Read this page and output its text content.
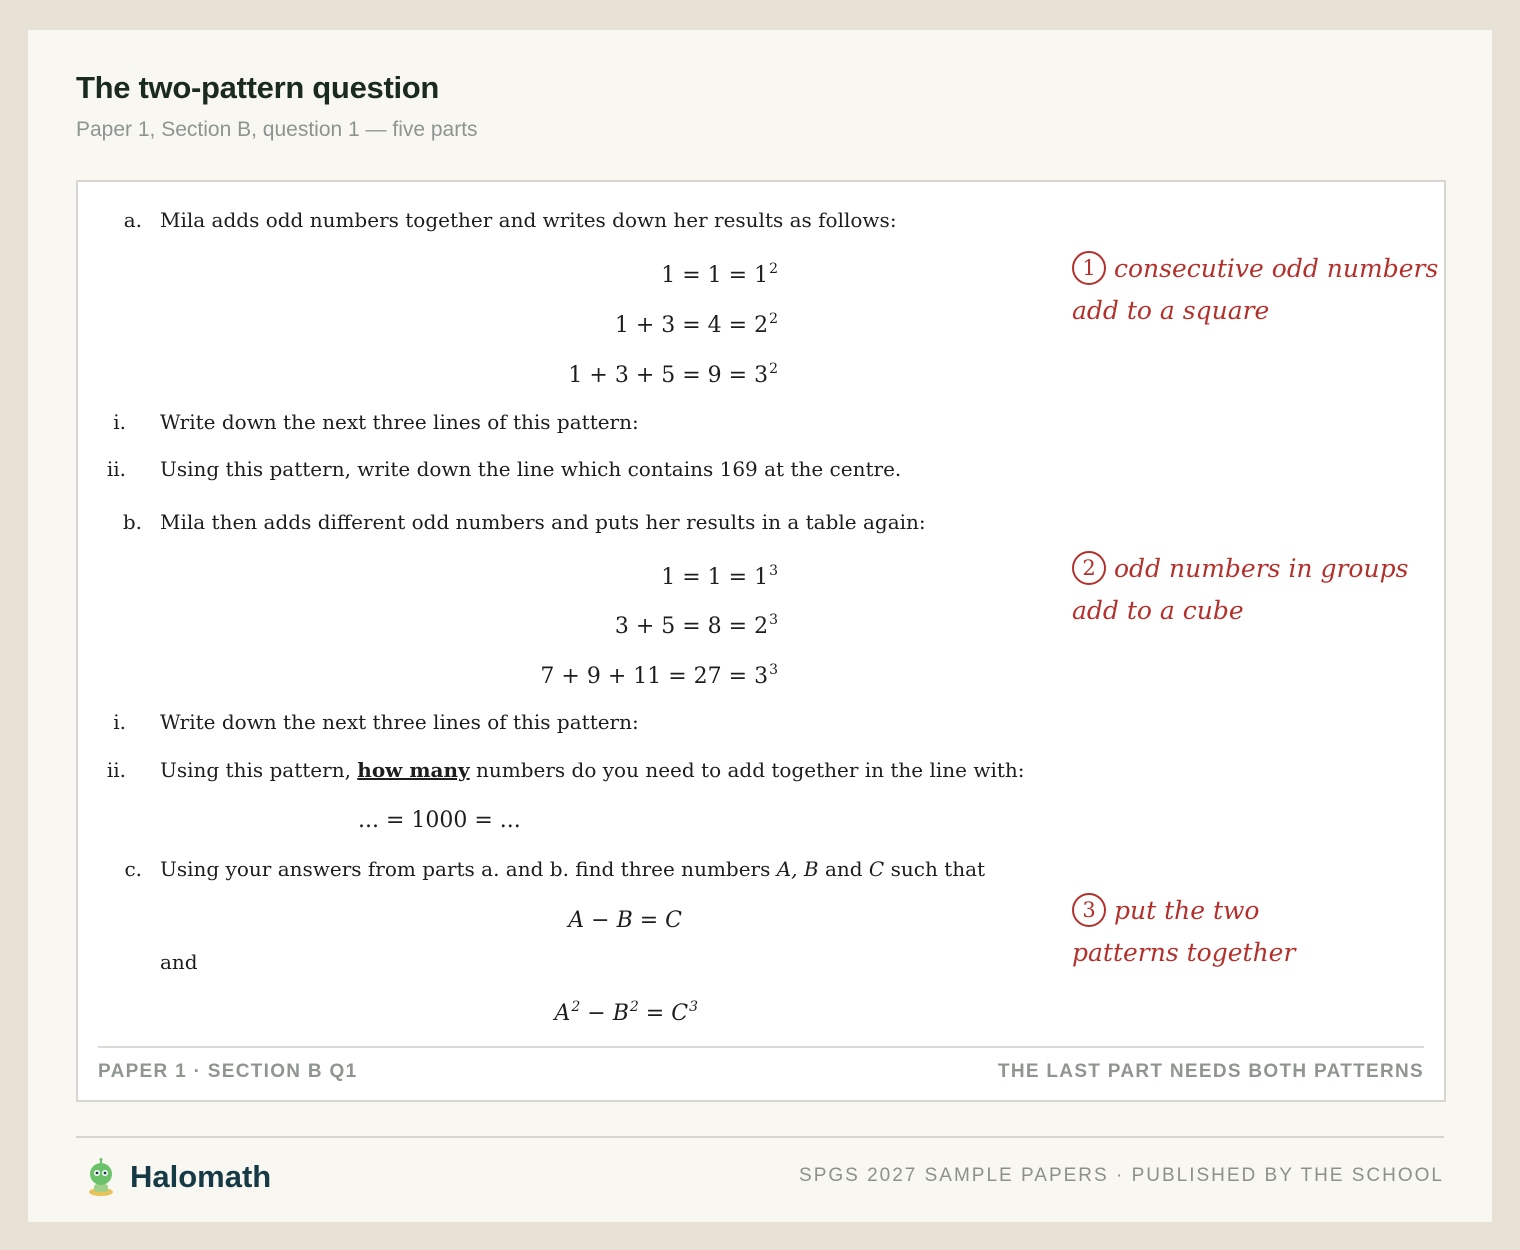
The two-pattern question
Paper 1, Section B, question 1 — five parts
a. Mila adds odd numbers together and writes down her results as follows:
$1 = 1 = 1^2$
$1 + 3 = 4 = 2^2$
$1 + 3 + 5 = 9 = 3^2$
i. Write down the next three lines of this pattern:
ii. Using this pattern, write down the line which contains 169 at the centre.
b. Mila then adds different odd numbers and puts her results in a table again:
$1 = 1 = 1^3$
$3 + 5 = 8 = 2^3$
$7 + 9 + 11 = 27 = 3^3$
i. Write down the next three lines of this pattern:
ii. Using this pattern, how many numbers do you need to add together in the line with:
... = 1000 = ...
c. Using your answers from parts a. and b. find three numbers A, B and C such that
A − B = C
and
$A^2 - B^2 = C^3$
1 consecutive odd numbers
add to a square
2 odd numbers in groups
add to a cube
3 put the two
patterns together
PAPER 1 · SECTION B Q1	THE LAST PART NEEDS BOTH PATTERNS
Halomath	SPGS 2027 SAMPLE PAPERS · PUBLISHED BY THE SCHOOL
